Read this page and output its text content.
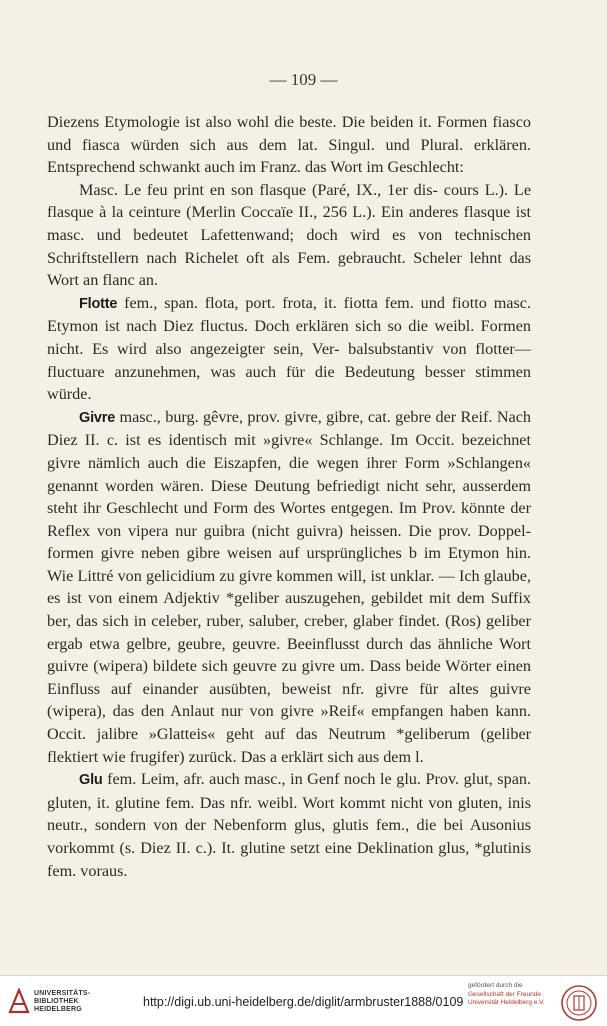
— 109 —

Diezens Etymologie ist also wohl die beste. Die beiden it. Formen fiasco und fiasca würden sich aus dem lat. Singul. und Plural. erklären. Entsprechend schwankt auch im Franz. das Wort im Geschlecht:

Masc. Le feu print en son flasque (Paré, IX., 1er dis- cours L.). Le flasque à la ceinture (Merlin Coccaïe II., 256 L.). Ein anderes flasque ist masc. und bedeutet Lafettenwand; doch wird es von technischen Schriftstellern nach Richelet oft als Fem. gebraucht. Scheler lehnt das Wort an flanc an.

Flotte fem., span. flota, port. frota, it. fiotta fem. und fiotto masc. Etymon ist nach Diez fluctus. Doch erklären sich so die weibl. Formen nicht. Es wird also angezeigter sein, Ver- balsubstantiv von flotter—fluctuare anzunehmen, was auch für die Bedeutung besser stimmen würde.

Givre masc., burg. gêvre, prov. givre, gibre, cat. gebre der Reif. Nach Diez II. c. ist es identisch mit »givre« Schlange. Im Occit. bezeichnet givre nämlich auch die Eiszapfen, die wegen ihrer Form »Schlangen« genannt worden wären. Diese Deutung befriedigt nicht sehr, ausserdem steht ihr Geschlecht und Form des Wortes entgegen. Im Prov. könnte der Reflex von vipera nur guibra (nicht guivra) heissen. Die prov. Doppel- formen givre neben gibre weisen auf ursprüngliches b im Etymon hin. Wie Littré von gelicidium zu givre kommen will, ist unklar. — Ich glaube, es ist von einem Adjektiv *geliber auszugehen, gebildet mit dem Suffix ber, das sich in celeber, ruber, saluber, creber, glaber findet. (Ros) geliber ergab etwa gelbre, geubre, geuvre. Beeinflusst durch das ähnliche Wort guivre (wipera) bildete sich geuvre zu givre um. Dass beide Wörter einen Einfluss auf einander ausübten, beweist nfr. givre für altes guivre (wipera), das den Anlaut nur von givre »Reif« empfangen haben kann. Occit. jalibre »Glatteis« geht auf das Neutrum *geliberum (geliber flektiert wie frugifer) zurück. Das a erklärt sich aus dem l.

Glu fem. Leim, afr. auch masc., in Genf noch le glu. Prov. glut, span. gluten, it. glutine fem. Das nfr. weibl. Wort kommt nicht von gluten, inis neutr., sondern von der Nebenform glus, glutis fem., die bei Ausonius vorkommt (s. Diez II. c.). It. glutine setzt eine Deklination glus, *glutinis fem. voraus.

UNIVERSITÄTS-
BIBLIOTHEK
HEIDELBERG
http://digi.ub.uni-heidelberg.de/diglit/armbruster1888/0109
gefördert durch die
Gesellschaft der Freunde
Universität Heidelberg e.V.
